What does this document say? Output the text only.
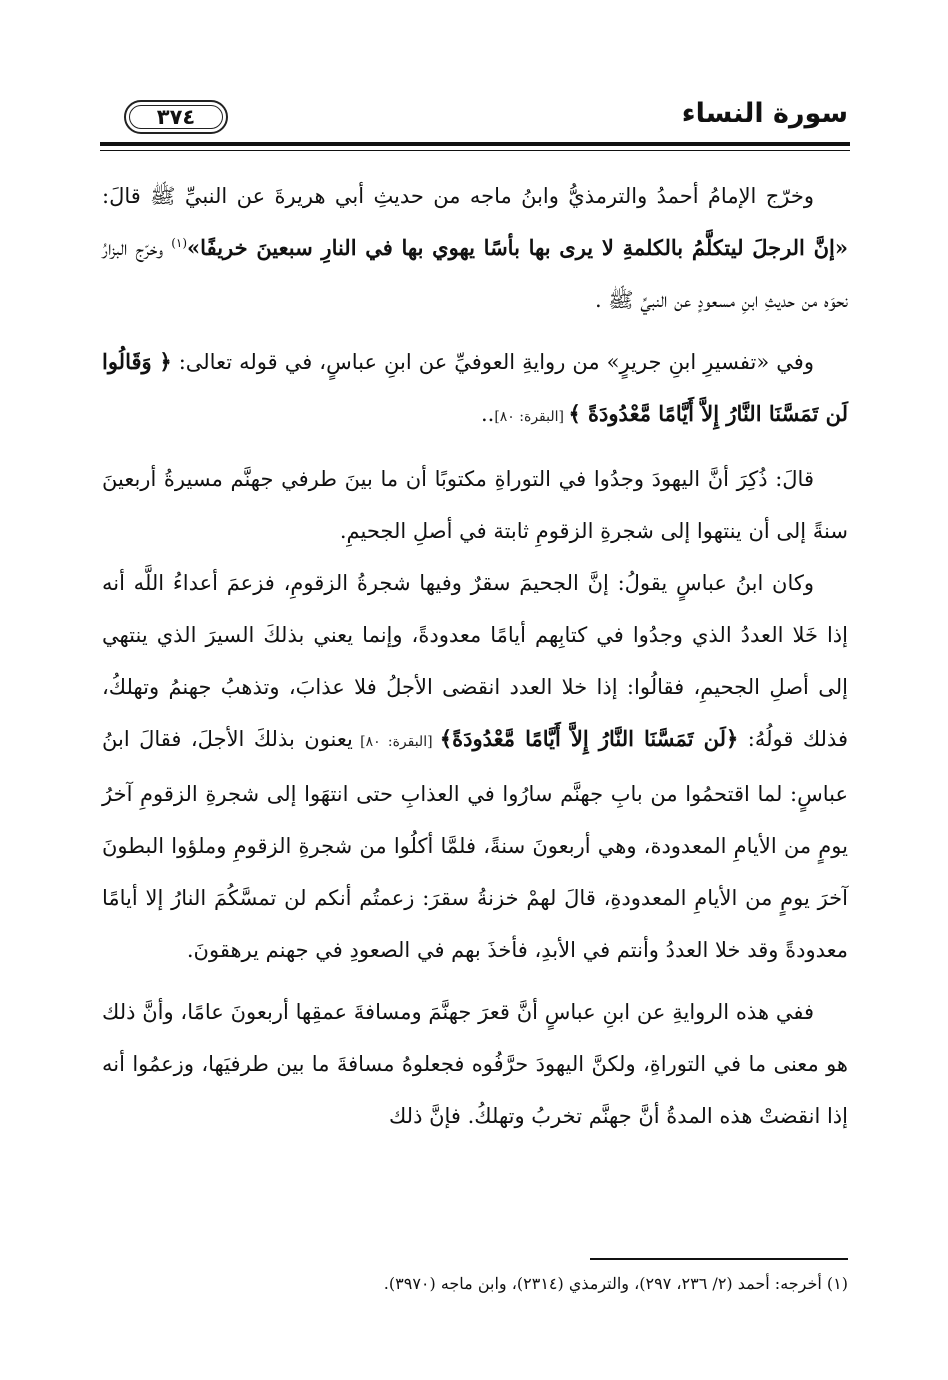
سورة النساء
٣٧٤

وخرّج الإمامُ أحمدُ والترمذيُّ وابنُ ماجه من حديثِ أبي هريرةَ عن النبيِّ ﷺ قالَ: «إنَّ الرجلَ ليتكلَّمُ بالكلمةِ لا يرى بها بأسًا يهوي بها في النارِ سبعينَ خريفًا»$^{(١)}$ وخرّج البزارُ نحوَه من حديثِ ابنِ مسعودٍ عن النبيِّ ﷺ .

وفي «تفسيرِ ابنِ جريرٍ» من روايةِ العوفيِّ عن ابنِ عباسٍ، في قوله تعالى: ﴿ وَقَالُوا لَن تَمَسَّنَا النَّارُ إِلاَّ أَيَّامًا مَّعْدُودَةً ﴾ [البقرة: ٨٠]..

قالَ: ذُكِرَ أنَّ اليهودَ وجدُوا في التوراةِ مكتوبًا أن ما بينَ طرفي جهنَّم مسيرةُ أربعينَ سنةً إلى أن ينتهوا إلى شجرةِ الزقومِ ثابتة في أصلِ الجحيمِ.

وكان ابنُ عباسٍ يقولُ: إنَّ الجحيمَ سقرٌ وفيها شجرةُ الزقومِ، فزعمَ أعداءُ اللَّه أنه إذا خَلا العددُ الذي وجدُوا في كتابِهم أيامًا معدودةً، وإنما يعني بذلكَ السيرَ الذي ينتهي إلى أصلِ الجحيمِ، فقالُوا: إذا خلا العدد انقضى الأجلُ فلا عذابَ، وتذهبُ جهنمُ وتهلكُ، فذلك قولُهُ: ﴿لَن تَمَسَّنَا النَّارُ إِلاَّ أَيَّامًا مَّعْدُودَةً﴾ [البقرة: ٨٠] يعنون بذلكَ الأجلَ، فقالَ ابنُ عباسٍ: لما اقتحمُوا من بابِ جهنَّم سارُوا في العذابِ حتى انتهَوا إلى شجرةِ الزقومِ آخرُ يومٍ من الأيامِ المعدودة، وهي أربعونَ سنةً، فلمَّا أكلُوا من شجرةِ الزقومِ وملؤوا البطونَ آخرَ يومٍ من الأيامِ المعدودةِ، قالَ لهمْ خزنةُ سقرَ: زعمتُم أنكم لن تمسَّكُمَ النارُ إلا أيامًا معدودةً وقد خلا العددُ وأنتم في الأبدِ، فأخذَ بهم في الصعودِ في جهنم يرهقونَ.

ففي هذه الروايةِ عن ابنِ عباسٍ أنَّ قعرَ جهنَّمَ ومسافةَ عمقِها أربعونَ عامًا، وأنَّ ذلك هو معنى ما في التوراةِ، ولكنَّ اليهودَ حرَّفُوه فجعلوهُ مسافةَ ما بين طرفيَها، وزعمُوا أنه إذا انقضتْ هذه المدةُ أنَّ جهنَّم تخربُ وتهلكُ. فإنَّ ذلك

(١) أخرجه: أحمد (٢/ ٢٣٦، ٢٩٧)، والترمذي (٢٣١٤)، وابن ماجه (٣٩٧٠).
